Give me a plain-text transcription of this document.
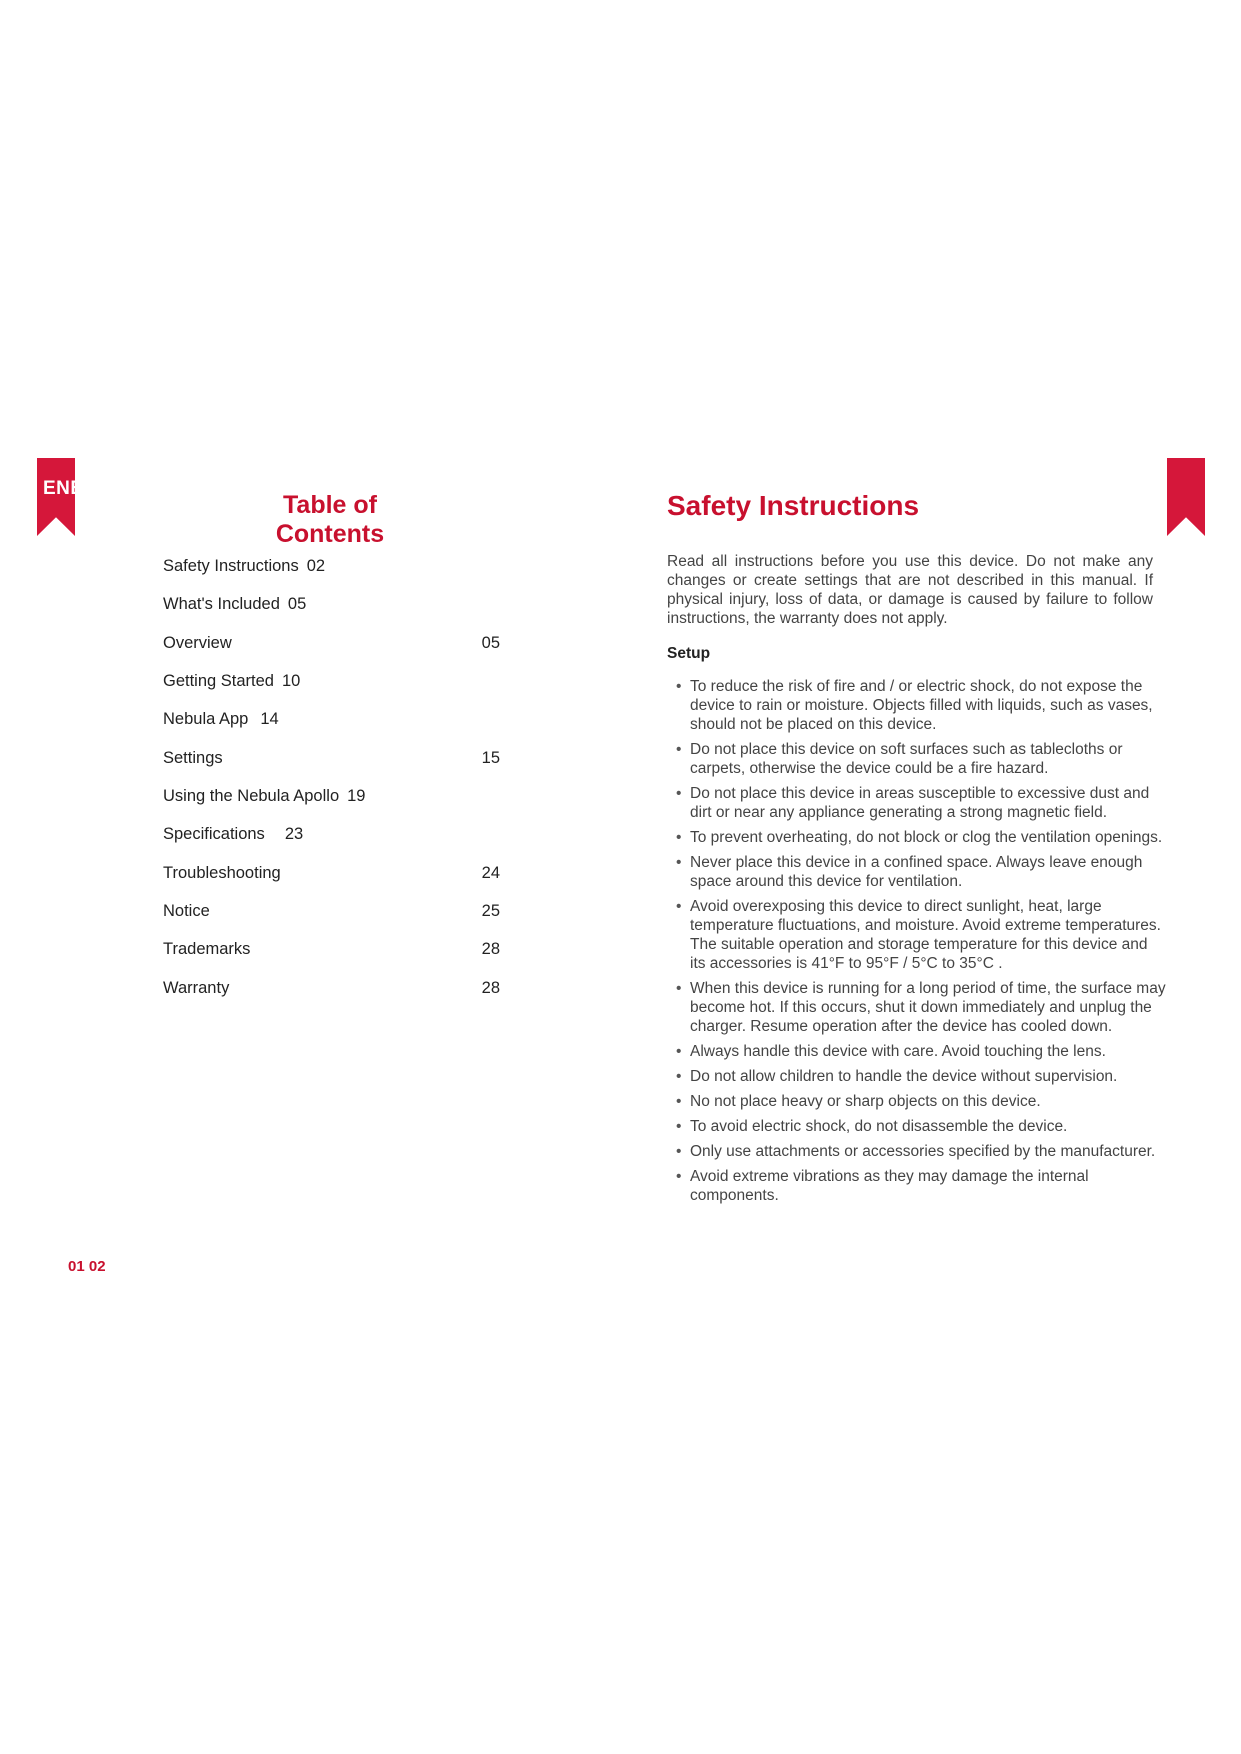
ENE
Table of Contents
Safety Instructions 02
What's Included 05
Overview	05
Getting Started 10
Nebula App 14
Settings	15
Using the Nebula Apollo 19
Specifications 23
Troubleshooting	24
Notice	25
Trademarks	28
Warranty	28
01 02
Safety Instructions

Read all instructions before you use this device. Do not make any changes or create settings that are not described in this manual. If physical injury, loss of data, or damage is caused by failure to follow instructions, the warranty does not apply.

Setup
• To reduce the risk of fire and / or electric shock, do not expose the device to rain or moisture. Objects filled with liquids, such as vases, should not be placed on this device.
• Do not place this device on soft surfaces such as tablecloths or carpets, otherwise the device could be a fire hazard.
• Do not place this device in areas susceptible to excessive dust and dirt or near any appliance generating a strong magnetic field.
• To prevent overheating, do not block or clog the ventilation openings.
• Never place this device in a confined space. Always leave enough space around this device for ventilation.
• Avoid overexposing this device to direct sunlight, heat, large temperature fluctuations, and moisture. Avoid extreme temperatures. The suitable operation and storage temperature for this device and its accessories is 41°F to 95°F / 5°C to 35°C .
• When this device is running for a long period of time, the surface may become hot. If this occurs, shut it down immediately and unplug the charger. Resume operation after the device has cooled down.
• Always handle this device with care. Avoid touching the lens.
• Do not allow children to handle the device without supervision.
• No not place heavy or sharp objects on this device.
• To avoid electric shock, do not disassemble the device.
• Only use attachments or accessories specified by the manufacturer.
• Avoid extreme vibrations as they may damage the internal components.
